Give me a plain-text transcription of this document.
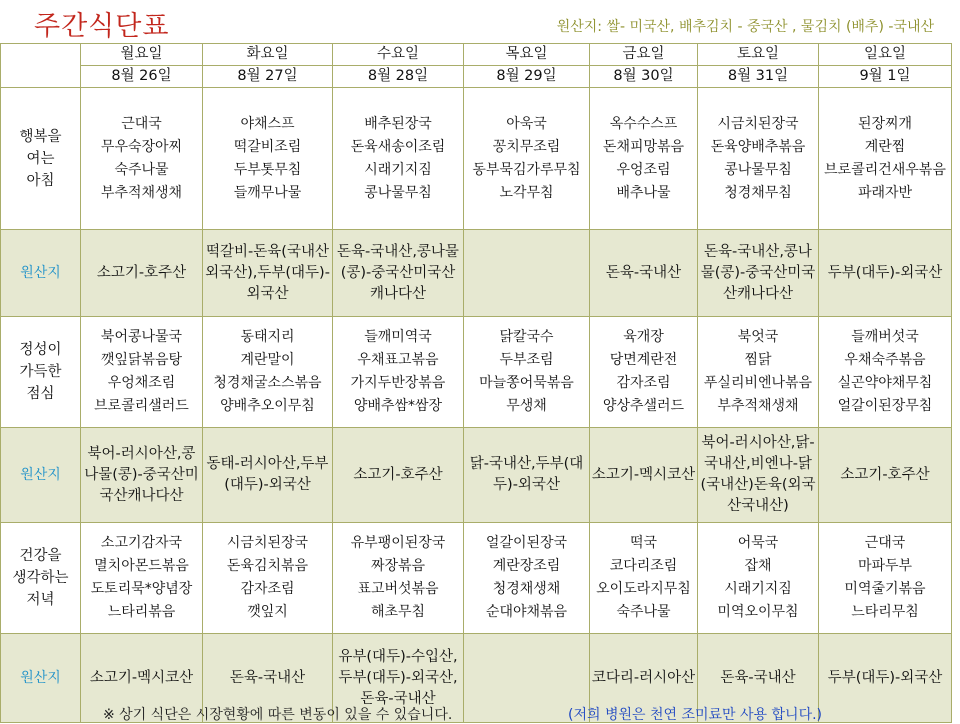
주간식단표	원산지: 쌀- 미국산, 배추김치 - 중국산 , 물김치 (배추) -국내산
	월요일	화요일	수요일	목요일	금요일	토요일	일요일
	8월 26일	8월 27일	8월 28일	8월 29일	8월 30일	8월 31일	9월 1일

행복을
여는
아침	근대국
무우숙장아찌
숙주나물
부추적채생채	야채스프
떡갈비조림
두부톳무침
들깨무나물	배추된장국
돈육새송이조림
시래기지짐
콩나물무침	아욱국
꽁치무조림
동부묵김가루무침
노각무침	옥수수스프
돈채피망볶음
우엉조림
배추나물	시금치된장국
돈육양배추볶음
콩나물무침
청경채무침	된장찌개
계란찜
브로콜리건새우볶음
파래자반

원산지	소고기-호주산	떡갈비-돈육(국내산외국산),두부(대두)-외국산	돈육-국내산,콩나물(콩)-중국산미국산캐나다산		돈육-국내산	돈육-국내산,콩나물(콩)-중국산미국산캐나다산	두부(대두)-외국산

정성이
가득한
점심	북어콩나물국
깻잎닭볶음탕
우엉채조림
브로콜리샐러드	동태지리
계란말이
청경채굴소스볶음
양배추오이무침	들깨미역국
우채표고볶음
가지두반장볶음
양배추쌈*쌈장	닭칼국수
두부조림
마늘쫑어묵볶음
무생채	육개장
당면계란전
감자조림
양상추샐러드	북엇국
찜닭
푸실리비엔나볶음
부추적채생채	들깨버섯국
우채숙주볶음
실곤약야채무침
얼갈이된장무침

원산지	북어-러시아산,콩나물(콩)-중국산미국산캐나다산	동태-러시아산,두부(대두)-외국산	소고기-호주산	닭-국내산,두부(대두)-외국산	소고기-멕시코산	북어-러시아산,닭-국내산,비엔나-닭(국내산)돈육(외국산국내산)	소고기-호주산

건강을
생각하는
저녁	소고기감자국
멸치아몬드볶음
도토리묵*양념장
느타리볶음	시금치된장국
돈육김치볶음
감자조림
깻잎지	유부팽이된장국
짜장볶음
표고버섯볶음
해초무침	얼갈이된장국
계란장조림
청경채생채
순대야채볶음	떡국
코다리조림
오이도라지무침
숙주나물	어묵국
잡채
시래기지짐
미역오이무침	근대국
마파두부
미역줄기볶음
느타리무침

원산지	소고기-멕시코산	돈육-국내산	유부(대두)-수입산,두부(대두)-외국산,돈육-국내산		코다리-러시아산	돈육-국내산	두부(대두)-외국산
※ 상기 식단은 시장현황에 따른 변동이 있을 수 있습니다.	(저희 병원은 천연 조미료만 사용 합니다.)
